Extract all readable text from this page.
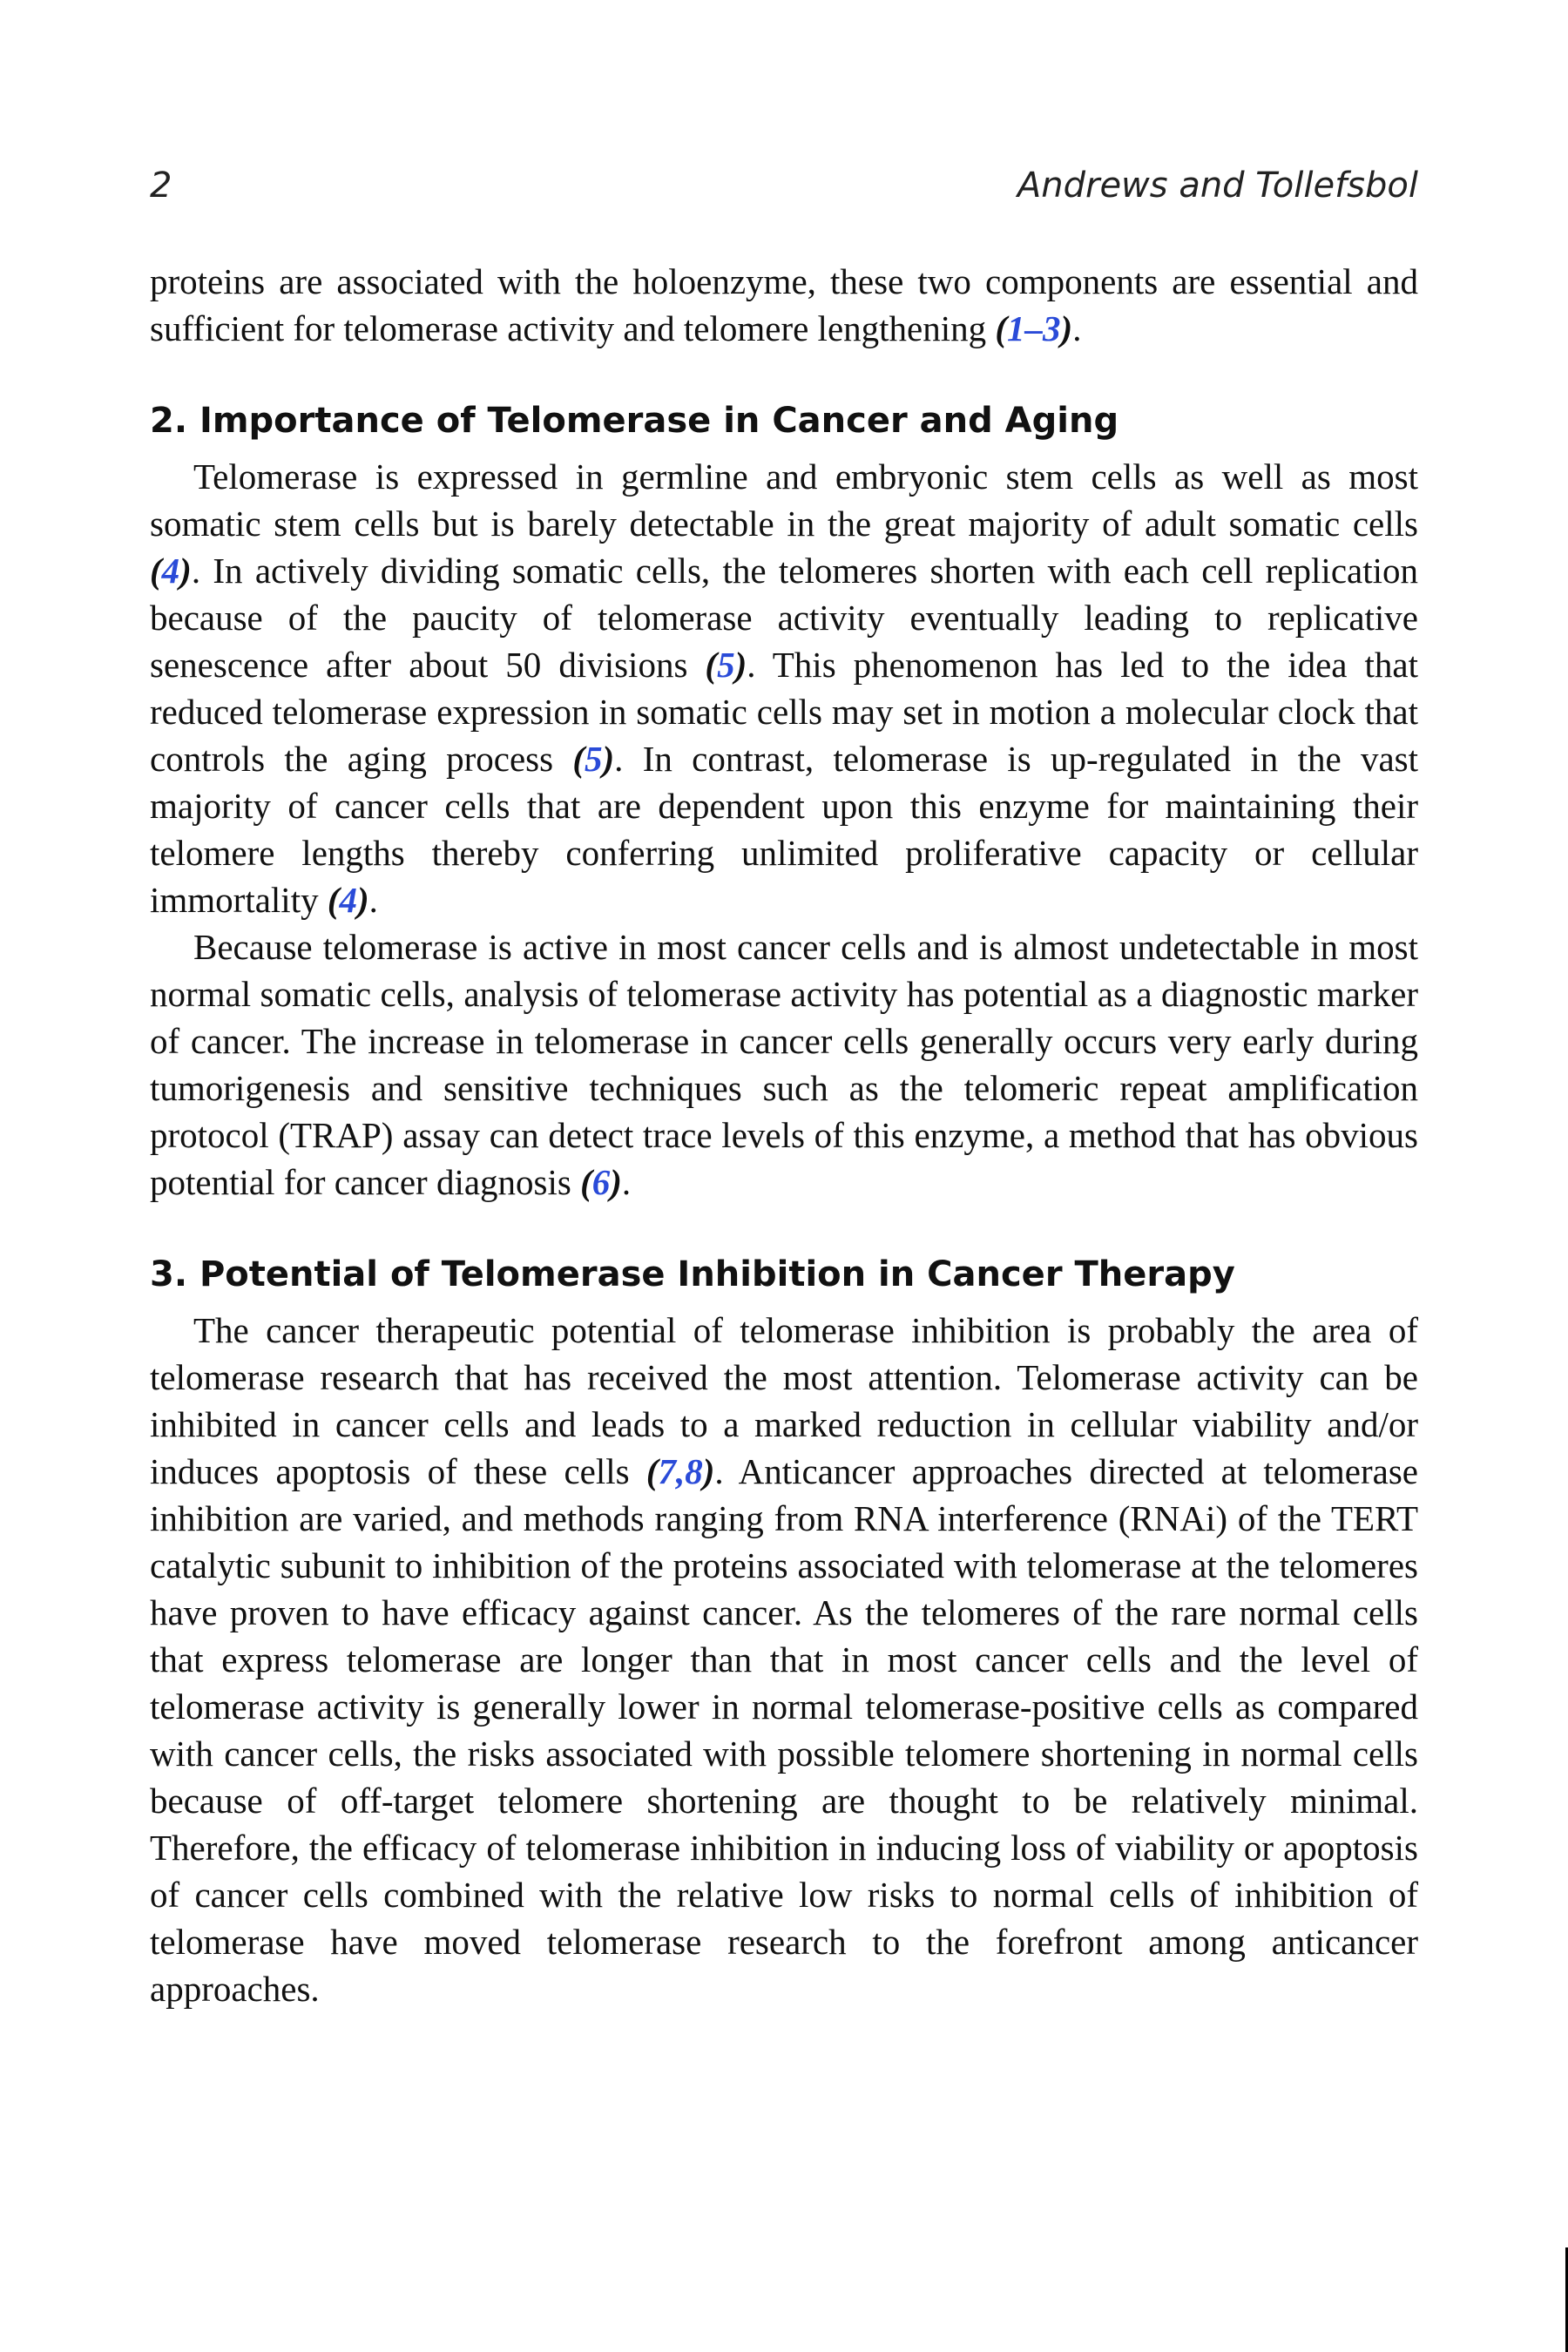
2	Andrews and Tollefsbol

proteins are associated with the holoenzyme, these two components are essential and sufficient for telomerase activity and telomere lengthening (1–3).

2. Importance of Telomerase in Cancer and Aging

Telomerase is expressed in germline and embryonic stem cells as well as most somatic stem cells but is barely detectable in the great majority of adult somatic cells (4). In actively dividing somatic cells, the telomeres shorten with each cell replication because of the paucity of telomerase activity eventually leading to replicative senescence after about 50 divisions (5). This phenomenon has led to the idea that reduced telomerase expression in somatic cells may set in motion a molecular clock that controls the aging process (5). In contrast, telomerase is up-regulated in the vast majority of cancer cells that are dependent upon this enzyme for maintaining their telomere lengths thereby conferring unlimited proliferative capacity or cellular immortality (4).

Because telomerase is active in most cancer cells and is almost undetectable in most normal somatic cells, analysis of telomerase activity has potential as a diagnostic marker of cancer. The increase in telomerase in cancer cells generally occurs very early during tumorigenesis and sensitive techniques such as the telomeric repeat amplification protocol (TRAP) assay can detect trace levels of this enzyme, a method that has obvious potential for cancer diagnosis (6).

3. Potential of Telomerase Inhibition in Cancer Therapy

The cancer therapeutic potential of telomerase inhibition is probably the area of telomerase research that has received the most attention. Telomerase activity can be inhibited in cancer cells and leads to a marked reduction in cellular viability and/or induces apoptosis of these cells (7,8). Anticancer approaches directed at telomerase inhibition are varied, and methods ranging from RNA interference (RNAi) of the TERT catalytic subunit to inhibition of the proteins associated with telomerase at the telomeres have proven to have efficacy against cancer. As the telomeres of the rare normal cells that express telomerase are longer than that in most cancer cells and the level of telomerase activity is generally lower in normal telomerase-positive cells as compared with cancer cells, the risks associated with possible telomere shortening in normal cells because of off-target telomere shortening are thought to be relatively minimal. Therefore, the efficacy of telomerase inhibition in inducing loss of viability or apoptosis of cancer cells combined with the relative low risks to normal cells of inhibition of telomerase have moved telomerase research to the forefront among anticancer approaches.
